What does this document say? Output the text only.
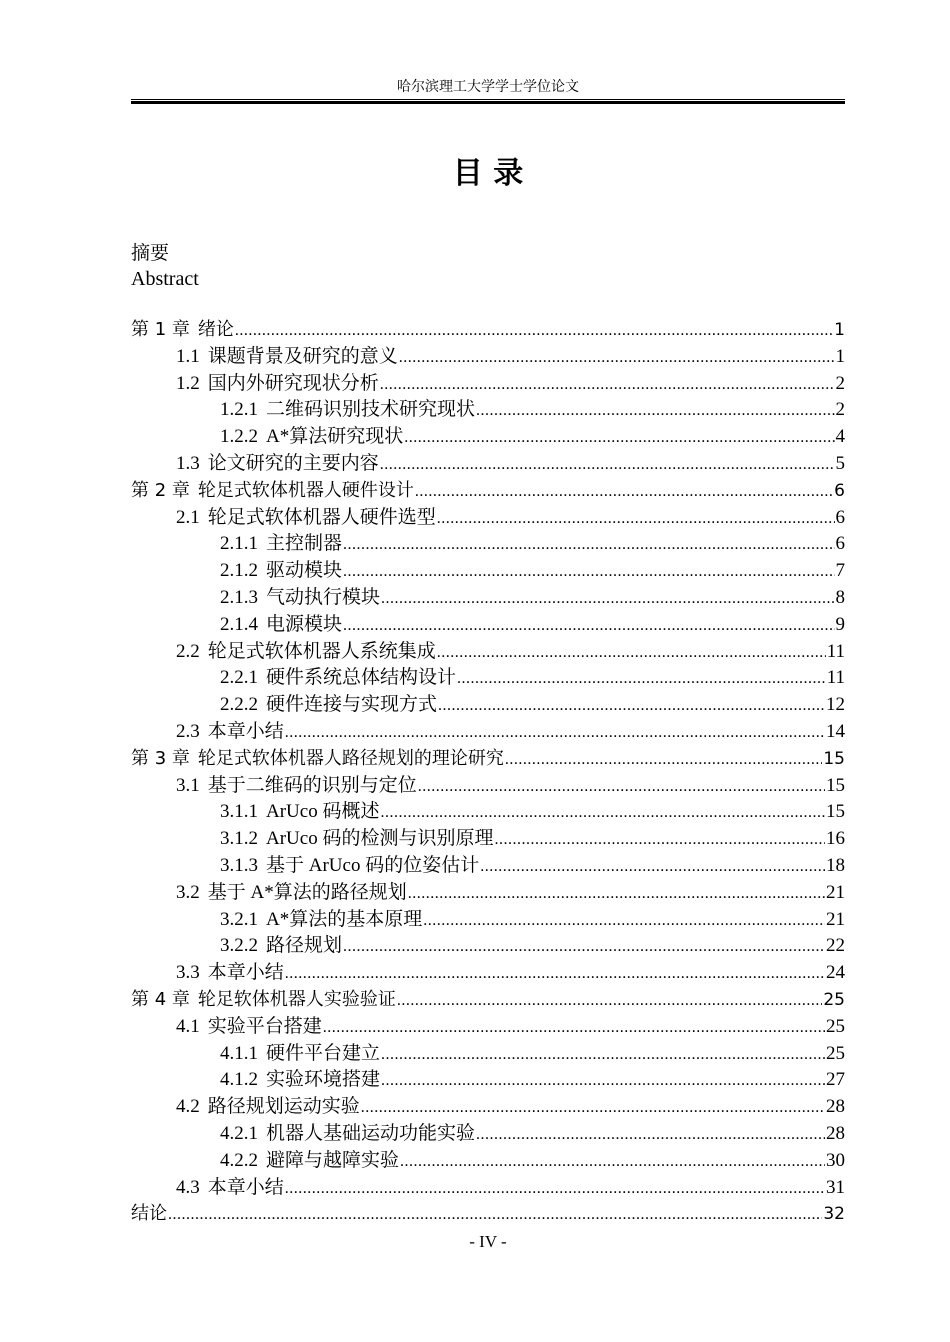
哈尔滨理工大学学士学位论文
目 录
摘要
Abstract
第 1 章 绪论 .....	1
1.1 课题背景及研究的意义 .....	1
1.2 国内外研究现状分析 .....	2
1.2.1 二维码识别技术研究现状 .....	2
1.2.2 A*算法研究现状 .....	4
1.3 论文研究的主要内容 .....	5
第 2 章 轮足式软体机器人硬件设计 .....	6
2.1 轮足式软体机器人硬件选型 .....	6
2.1.1 主控制器 .....	6
2.1.2 驱动模块 .....	7
2.1.3 气动执行模块 .....	8
2.1.4 电源模块 .....	9
2.2 轮足式软体机器人系统集成 .....	11
2.2.1 硬件系统总体结构设计 .....	11
2.2.2 硬件连接与实现方式 .....	12
2.3 本章小结 .....	14
第 3 章 轮足式软体机器人路径规划的理论研究 .....	15
3.1 基于二维码的识别与定位 .....	15
3.1.1 ArUco 码概述 .....	15
3.1.2 ArUco 码的检测与识别原理 .....	16
3.1.3 基于 ArUco 码的位姿估计 .....	18
3.2 基于 A*算法的路径规划 .....	21
3.2.1 A*算法的基本原理 .....	21
3.2.2 路径规划 .....	22
3.3 本章小结 .....	24
第 4 章 轮足软体机器人实验验证 .....	25
4.1 实验平台搭建 .....	25
4.1.1 硬件平台建立 .....	25
4.1.2 实验环境搭建 .....	27
4.2 路径规划运动实验 .....	28
4.2.1 机器人基础运动功能实验 .....	28
4.2.2 避障与越障实验 .....	30
4.3 本章小结 .....	31
结论 .....	32
- IV -
